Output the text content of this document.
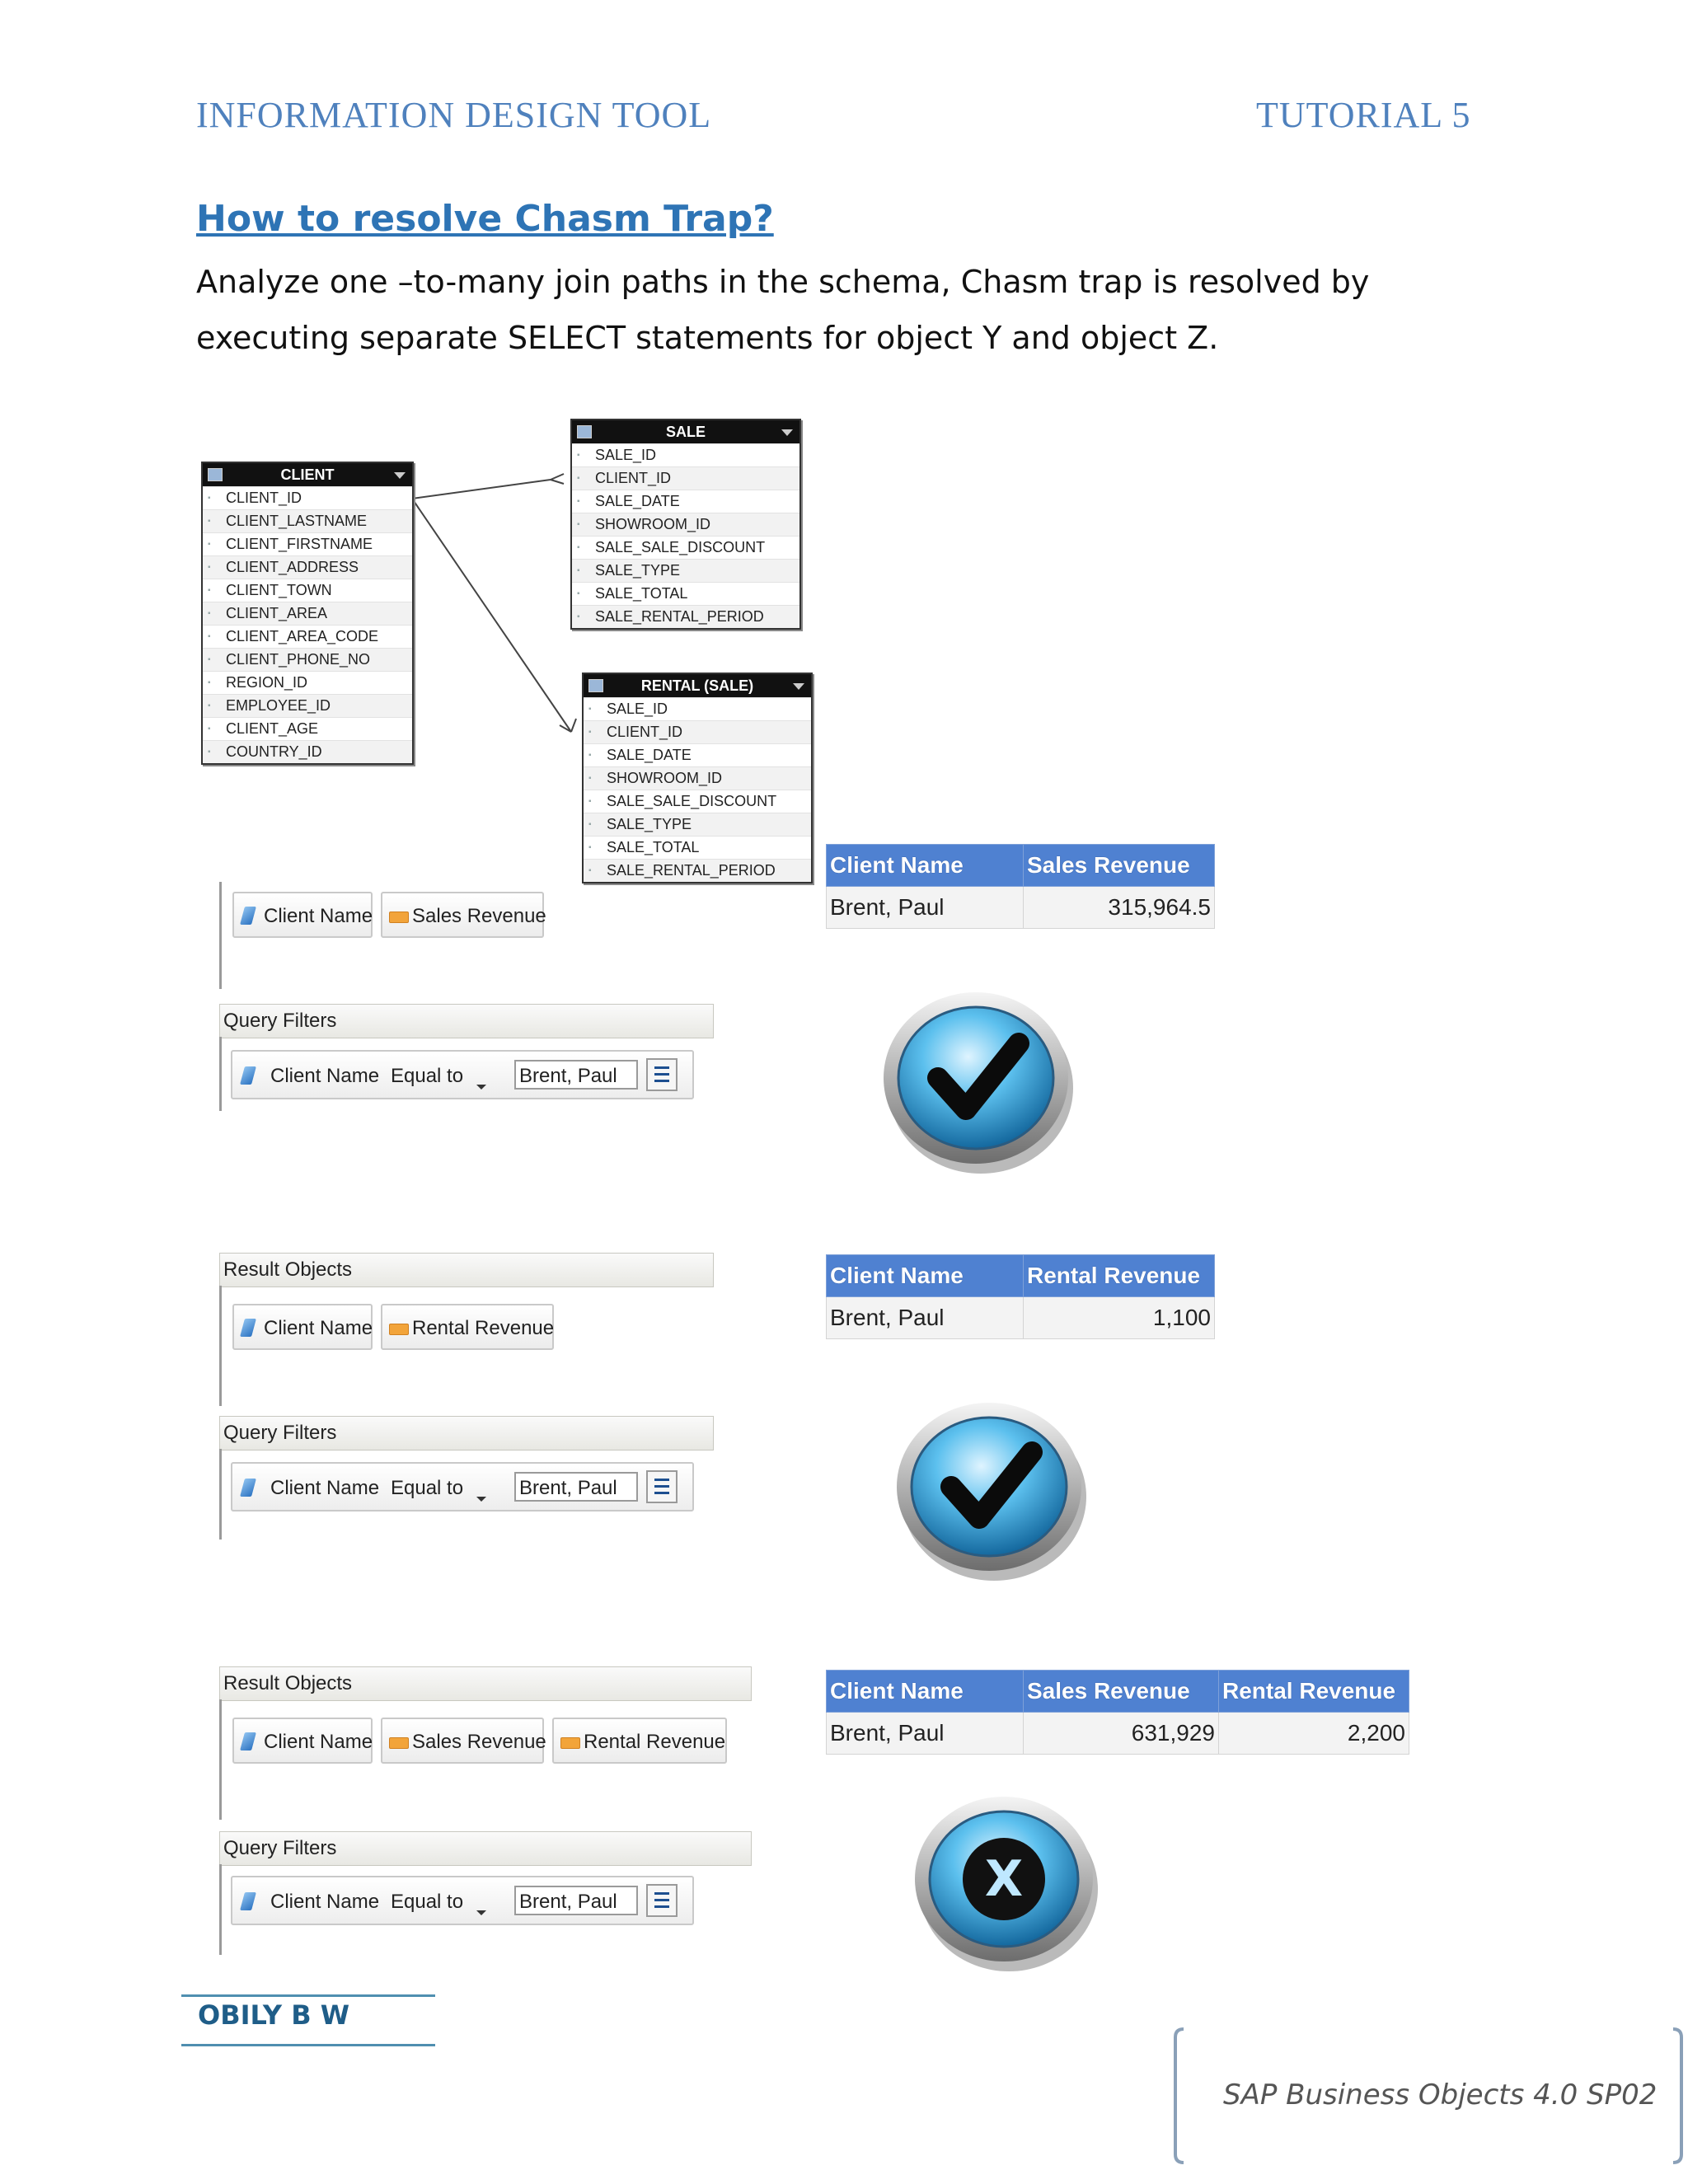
INFORMATION DESIGN TOOL	TUTORIAL 5
How to resolve Chasm Trap?
Analyze one –to-many join paths in the schema, Chasm trap is resolved by
executing separate SELECT statements for object Y and object Z.
CLIENT
▪ CLIENT_ID
▪ CLIENT_LASTNAME
▪ CLIENT_FIRSTNAME
▪ CLIENT_ADDRESS
▪ CLIENT_TOWN
▪ CLIENT_AREA
▪ CLIENT_AREA_CODE
▪ CLIENT_PHONE_NO
▪ REGION_ID
▪ EMPLOYEE_ID
▪ CLIENT_AGE
▪ COUNTRY_ID
SALE
▪ SALE_ID
▪ CLIENT_ID
▪ SALE_DATE
▪ SHOWROOM_ID
▪ SALE_SALE_DISCOUNT
▪ SALE_TYPE
▪ SALE_TOTAL
▪ SALE_RENTAL_PERIOD
RENTAL (SALE)
▪ SALE_ID
▪ CLIENT_ID
▪ SALE_DATE
▪ SHOWROOM_ID
▪ SALE_SALE_DISCOUNT
▪ SALE_TYPE
▪ SALE_TOTAL
▪ SALE_RENTAL_PERIOD
Client Name	Sales Revenue
Query Filters
Client Name Equal to	Brent, Paul
Client Name	Sales Revenue
Brent, Paul	315,964.5
Result Objects
Client Name	Rental Revenue
Query Filters
Client Name Equal to	Brent, Paul
Client Name	Rental Revenue
Brent, Paul	1,100
Result Objects
Client Name	Sales Revenue	Rental Revenue
Query Filters
Client Name Equal to	Brent, Paul
Client Name	Sales Revenue	Rental Revenue
Brent, Paul	631,929	2,200
X
OBILY B W
SAP Business Objects 4.0 SP02
